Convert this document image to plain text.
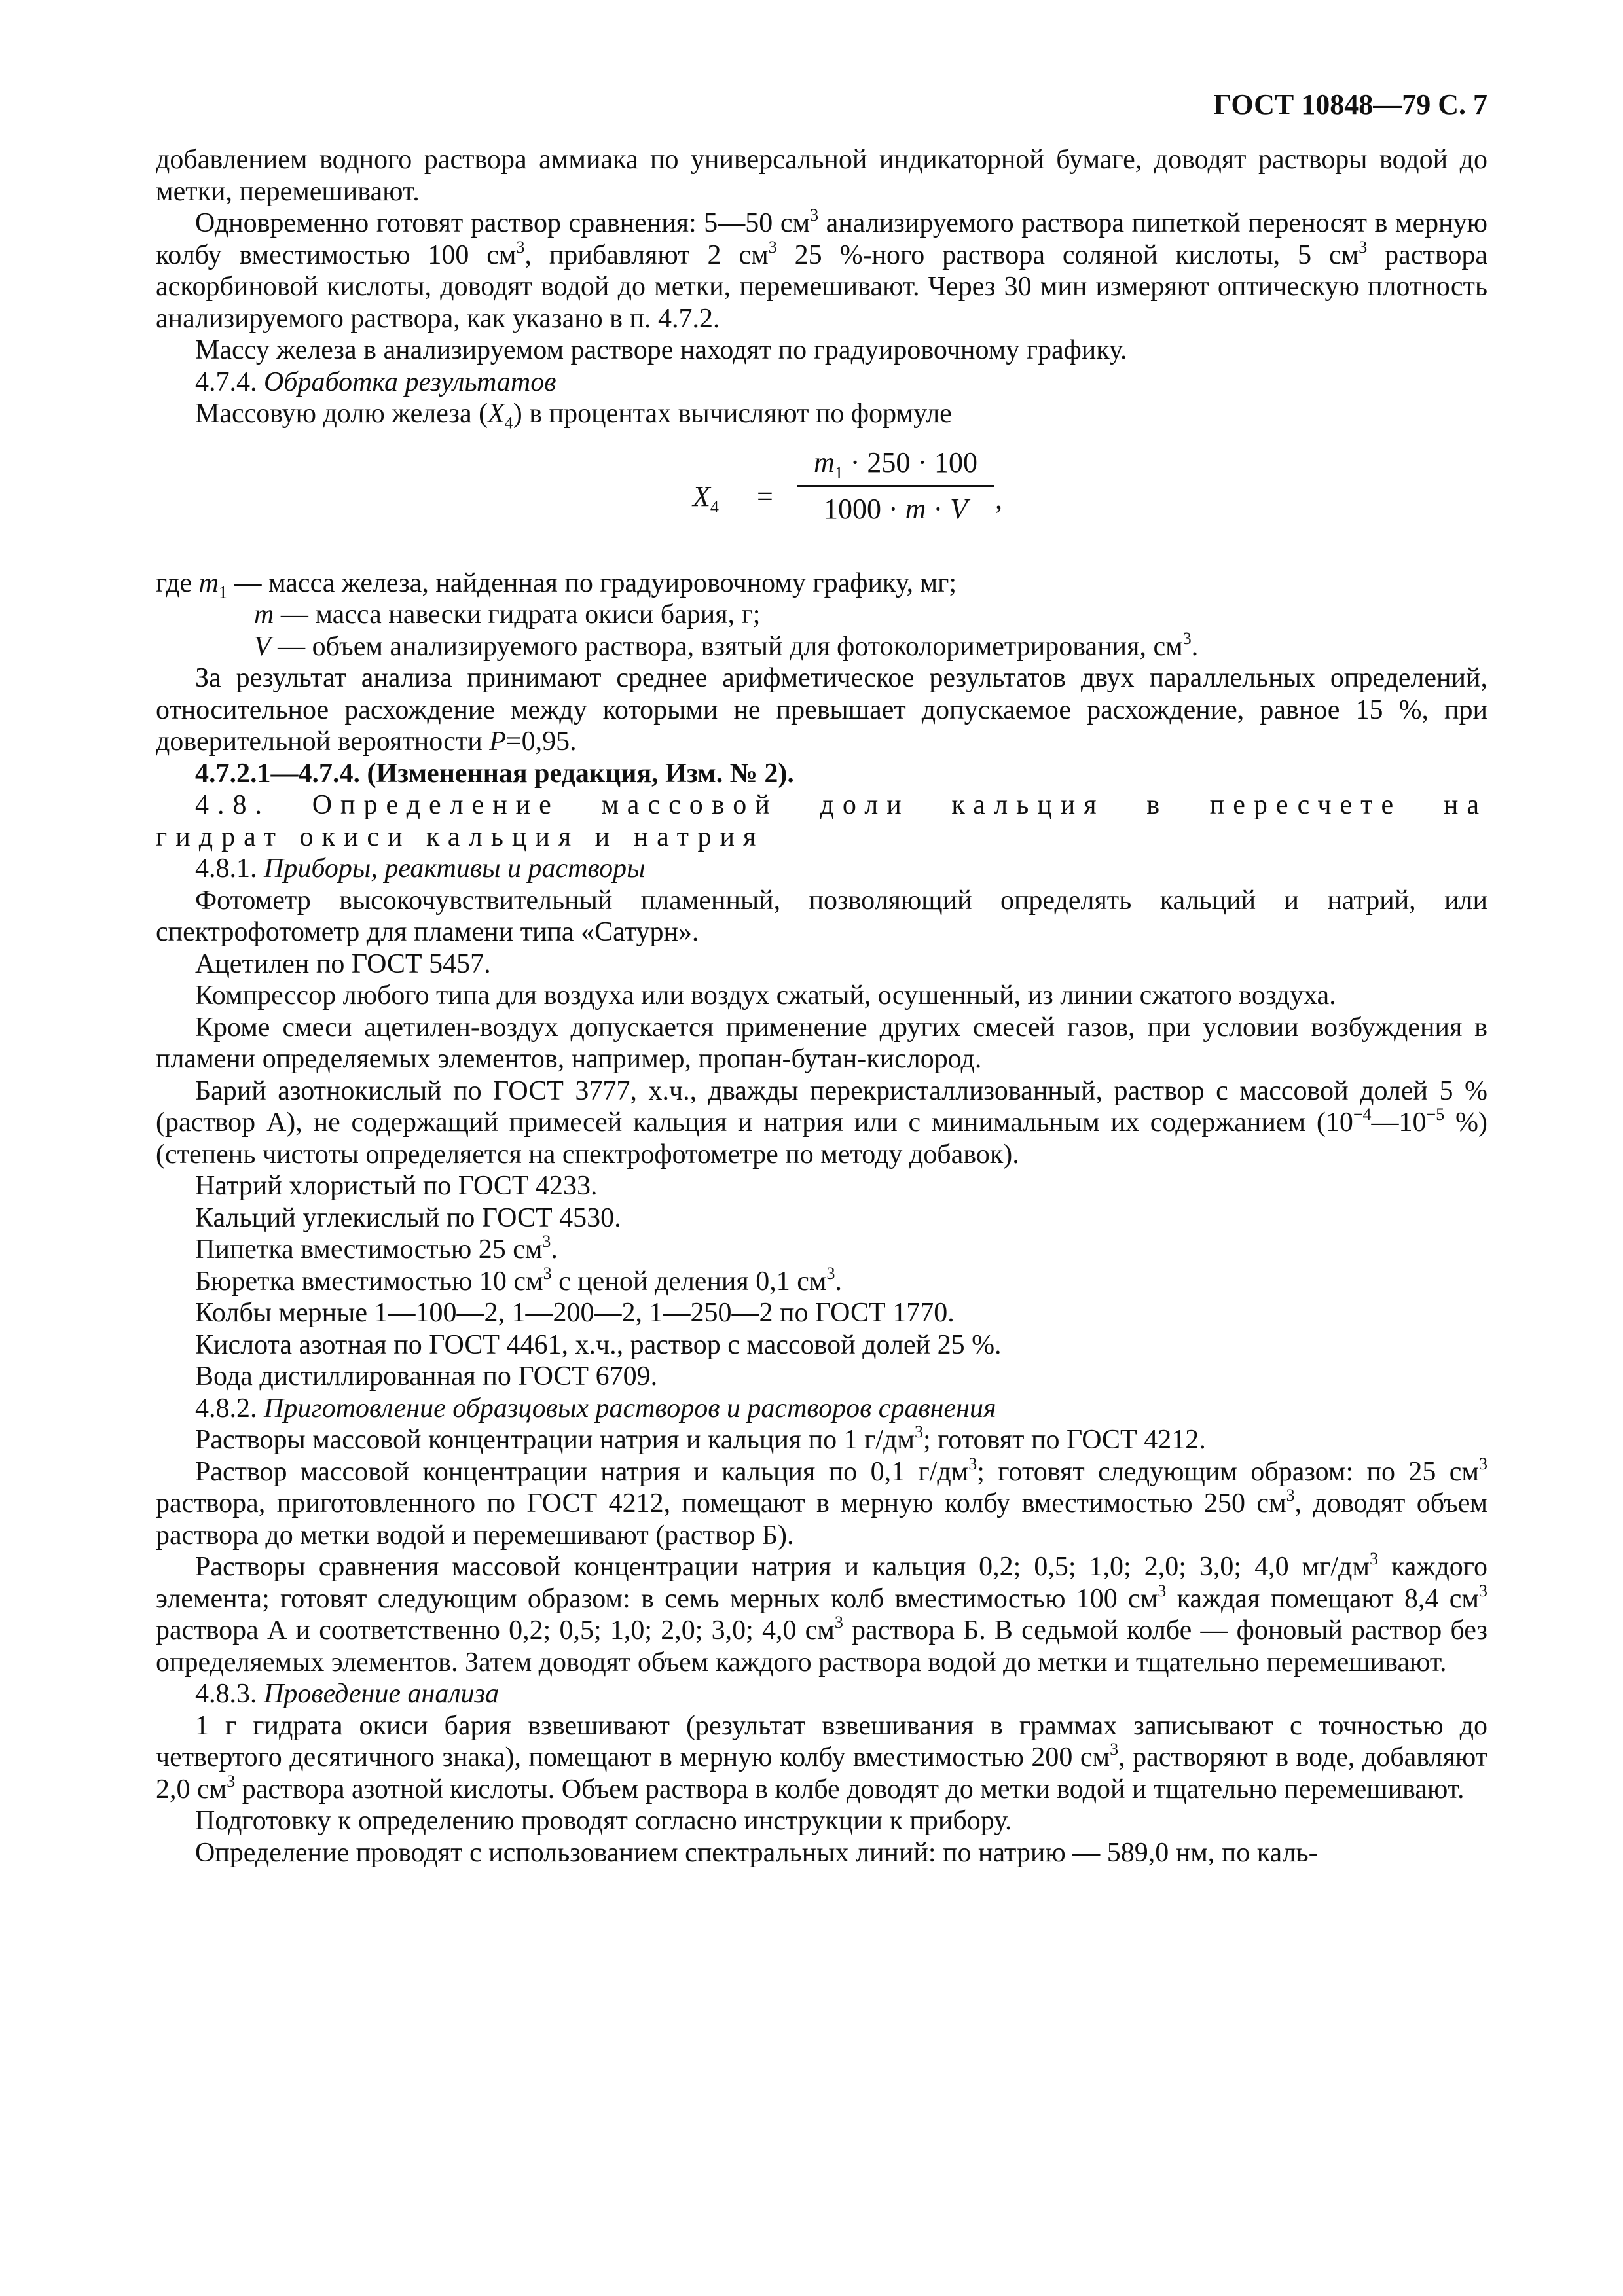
ГОСТ 10848—79 С. 7
добавлением водного раствора аммиака по универсальной индикаторной бумаге, доводят растворы водой до метки, перемешивают.
Одновременно готовят раствор сравнения: 5—50 $см^3$ анализируемого раствора пипеткой переносят в мерную колбу вместимостью 100 $см^3$, прибавляют 2 $см^3$ 25 %-ного раствора соляной кислоты, 5 $см^3$ раствора аскорбиновой кислоты, доводят водой до метки, перемешивают. Через 30 мин измеряют оптическую плотность анализируемого раствора, как указано в п. 4.7.2.
Массу железа в анализируемом растворе находят по градуировочному графику.
4.7.4. Обработка результатов
Массовую долю железа $(X_4)$ в процентах вычисляют по формуле
$X_4$ =
$m_1 \cdot 250 \cdot 100$
1000 · m · V ,
где $m_1$ — масса железа, найденная по градуировочному графику, мг;
m — масса навески гидрата окиси бария, г;
V — объем анализируемого раствора, взятый для фотоколориметрирования, $см^3$.
За результат анализа принимают среднее арифметическое результатов двух параллельных определений, относительное расхождение между которыми не превышает допускаемое расхождение, равное 15 %, при доверительной вероятности Р=0,95.
4.7.2.1—4.7.4. (Измененная редакция, Изм. № 2).
4.8. Определение массовой доли кальция в пересчете на
гидрат окиси кальция и натрия
4.8.1. Приборы, реактивы и растворы
Фотометр высокочувствительный пламенный, позволяющий определять кальций и натрий, или спектрофотометр для пламени типа «Сатурн».
Ацетилен по ГОСТ 5457.
Компрессор любого типа для воздуха или воздух сжатый, осушенный, из линии сжатого воздуха.
Кроме смеси ацетилен-воздух допускается применение других смесей газов, при условии возбуждения в пламени определяемых элементов, например, пропан-бутан-кислород.
Барий азотнокислый по ГОСТ 3777, х.ч., дважды перекристаллизованный, раствор с массовой долей 5 % (раствор А), не содержащий примесей кальция и натрия или с минимальным их содержанием ($10^{-4}—10^{-5}$ %) (степень чистоты определяется на спектрофотометре по методу добавок).
Натрий хлористый по ГОСТ 4233.
Кальций углекислый по ГОСТ 4530.
Пипетка вместимостью 25 $см^3$.
Бюретка вместимостью 10 $см^3$ с ценой деления 0,1 $см^3$.
Колбы мерные 1—100—2, 1—200—2, 1—250—2 по ГОСТ 1770.
Кислота азотная по ГОСТ 4461, х.ч., раствор с массовой долей 25 %.
Вода дистиллированная по ГОСТ 6709.
4.8.2. Приготовление образцовых растворов и растворов сравнения
Растворы массовой концентрации натрия и кальция по 1 $г/дм^3$; готовят по ГОСТ 4212.
Раствор массовой концентрации натрия и кальция по 0,1 $г/дм^3$; готовят следующим образом: по 25 $см^3$ раствора, приготовленного по ГОСТ 4212, помещают в мерную колбу вместимостью 250 $см^3$, доводят объем раствора до метки водой и перемешивают (раствор Б).
Растворы сравнения массовой концентрации натрия и кальция 0,2; 0,5; 1,0; 2,0; 3,0; 4,0 $мг/дм^3$ каждого элемента; готовят следующим образом: в семь мерных колб вместимостью 100 $см^3$ каждая помещают 8,4 $см^3$ раствора А и соответственно 0,2; 0,5; 1,0; 2,0; 3,0; 4,0 $см^3$ раствора Б. В седьмой колбе — фоновый раствор без определяемых элементов. Затем доводят объем каждого раствора водой до метки и тщательно перемешивают.
4.8.3. Проведение анализа
1 г гидрата окиси бария взвешивают (результат взвешивания в граммах записывают с точностью до четвертого десятичного знака), помещают в мерную колбу вместимостью 200 $см^3$, растворяют в воде, добавляют 2,0 $см^3$ раствора азотной кислоты. Объем раствора в колбе доводят до метки водой и тщательно перемешивают.
Подготовку к определению проводят согласно инструкции к прибору.
Определение проводят с использованием спектральных линий: по натрию — 589,0 нм, по каль-
